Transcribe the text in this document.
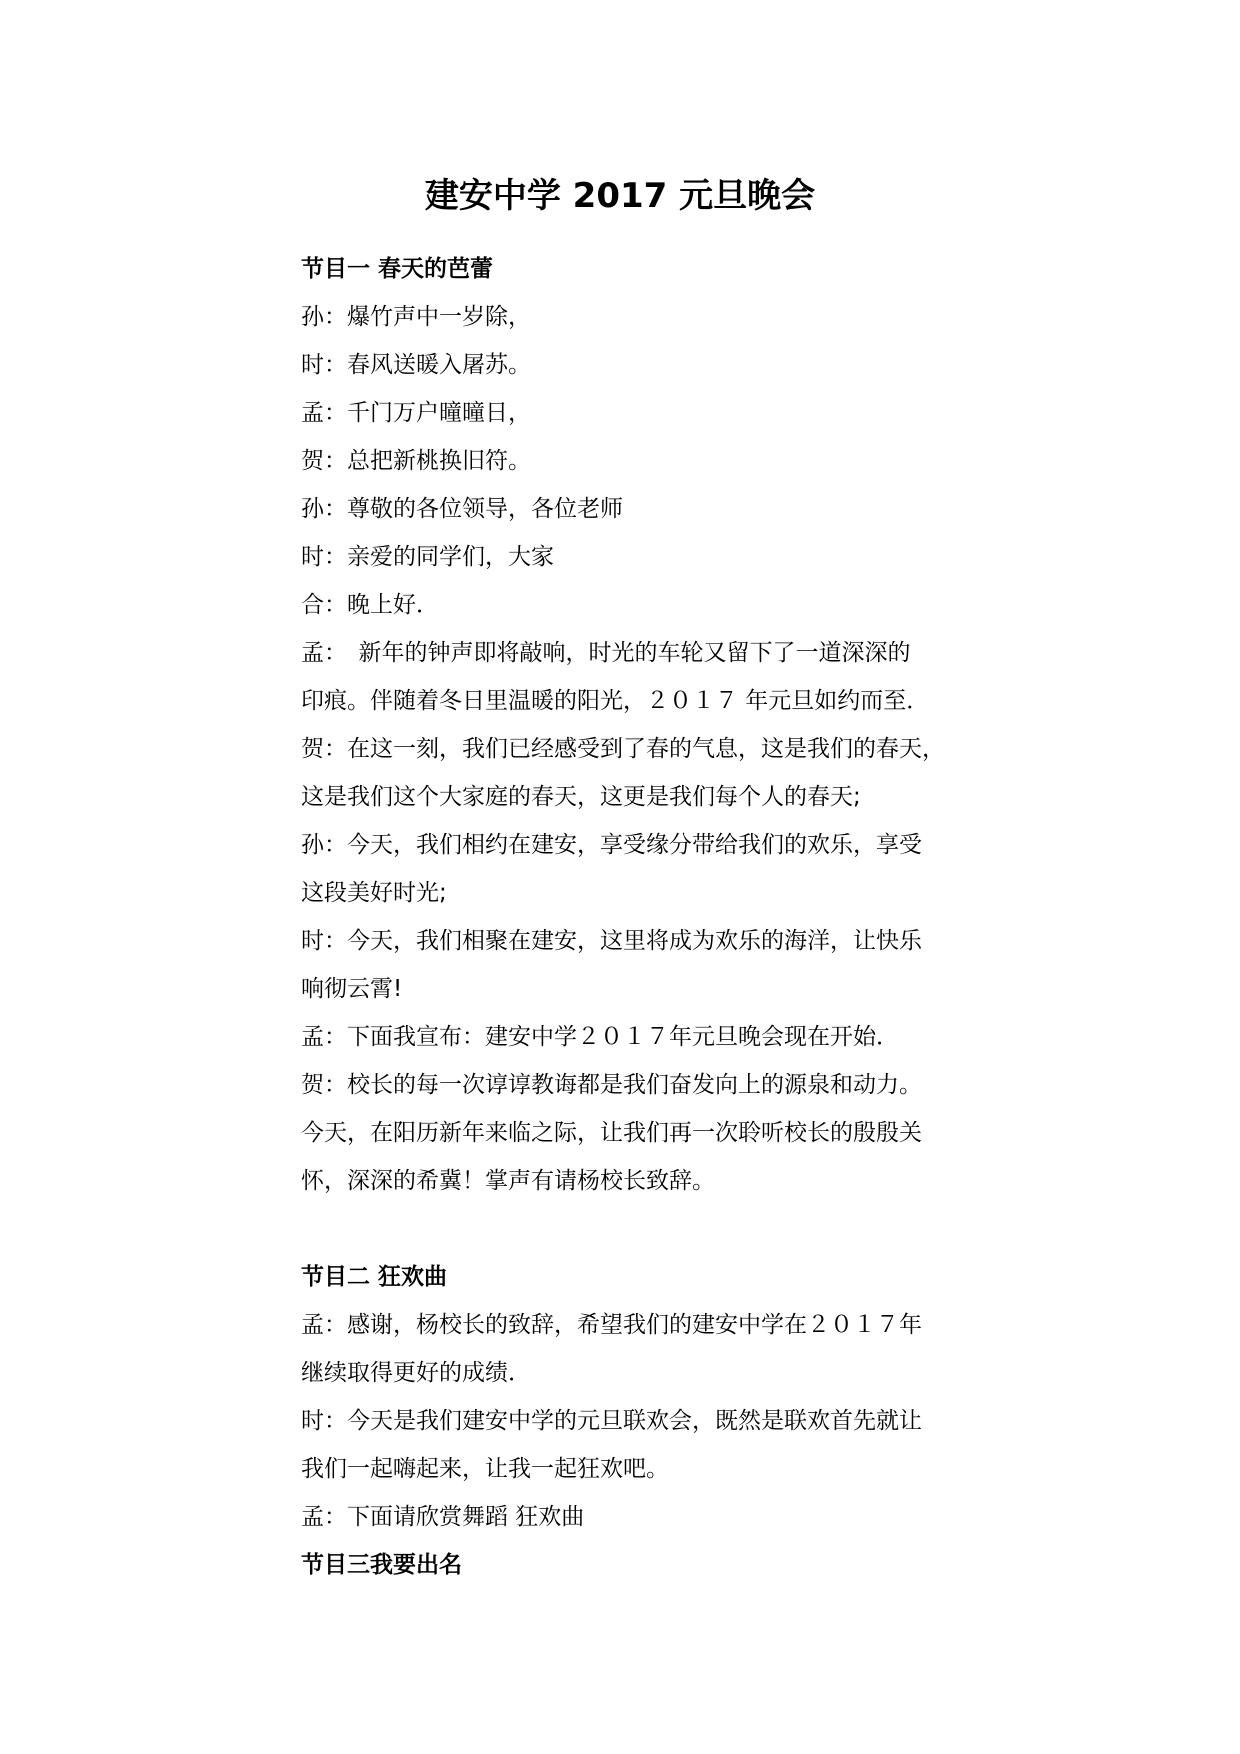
建安中学 2017 元旦晚会
节目一 春天的芭蕾
孙：爆竹声中一岁除，
时：春风送暖入屠苏。
孟：千门万户曈曈日，
贺：总把新桃换旧符。
孙：尊敬的各位领导，各位老师
时：亲爱的同学们，大家
合：晚上好．
孟：　新年的钟声即将敲响，时光的车轮又留下了一道深深的
印痕。伴随着冬日里温暖的阳光，２０１７ 年元旦如约而至．
贺：在这一刻，我们已经感受到了春的气息，这是我们的春天，
这是我们这个大家庭的春天，这更是我们每个人的春天;
孙：今天，我们相约在建安，享受缘分带给我们的欢乐，享受
这段美好时光;
时：今天，我们相聚在建安，这里将成为欢乐的海洋，让快乐
响彻云霄!
孟：下面我宣布：建安中学２０１７年元旦晚会现在开始．
贺：校长的每一次谆谆教诲都是我们奋发向上的源泉和动力。
今天，在阳历新年来临之际，让我们再一次聆听校长的殷殷关
怀，深深的希冀！掌声有请杨校长致辞。
节目二 狂欢曲
孟：感谢，杨校长的致辞，希望我们的建安中学在２０１７年
继续取得更好的成绩．
时：今天是我们建安中学的元旦联欢会，既然是联欢首先就让
我们一起嗨起来，让我一起狂欢吧。
孟：下面请欣赏舞蹈 狂欢曲
节目三我要出名
